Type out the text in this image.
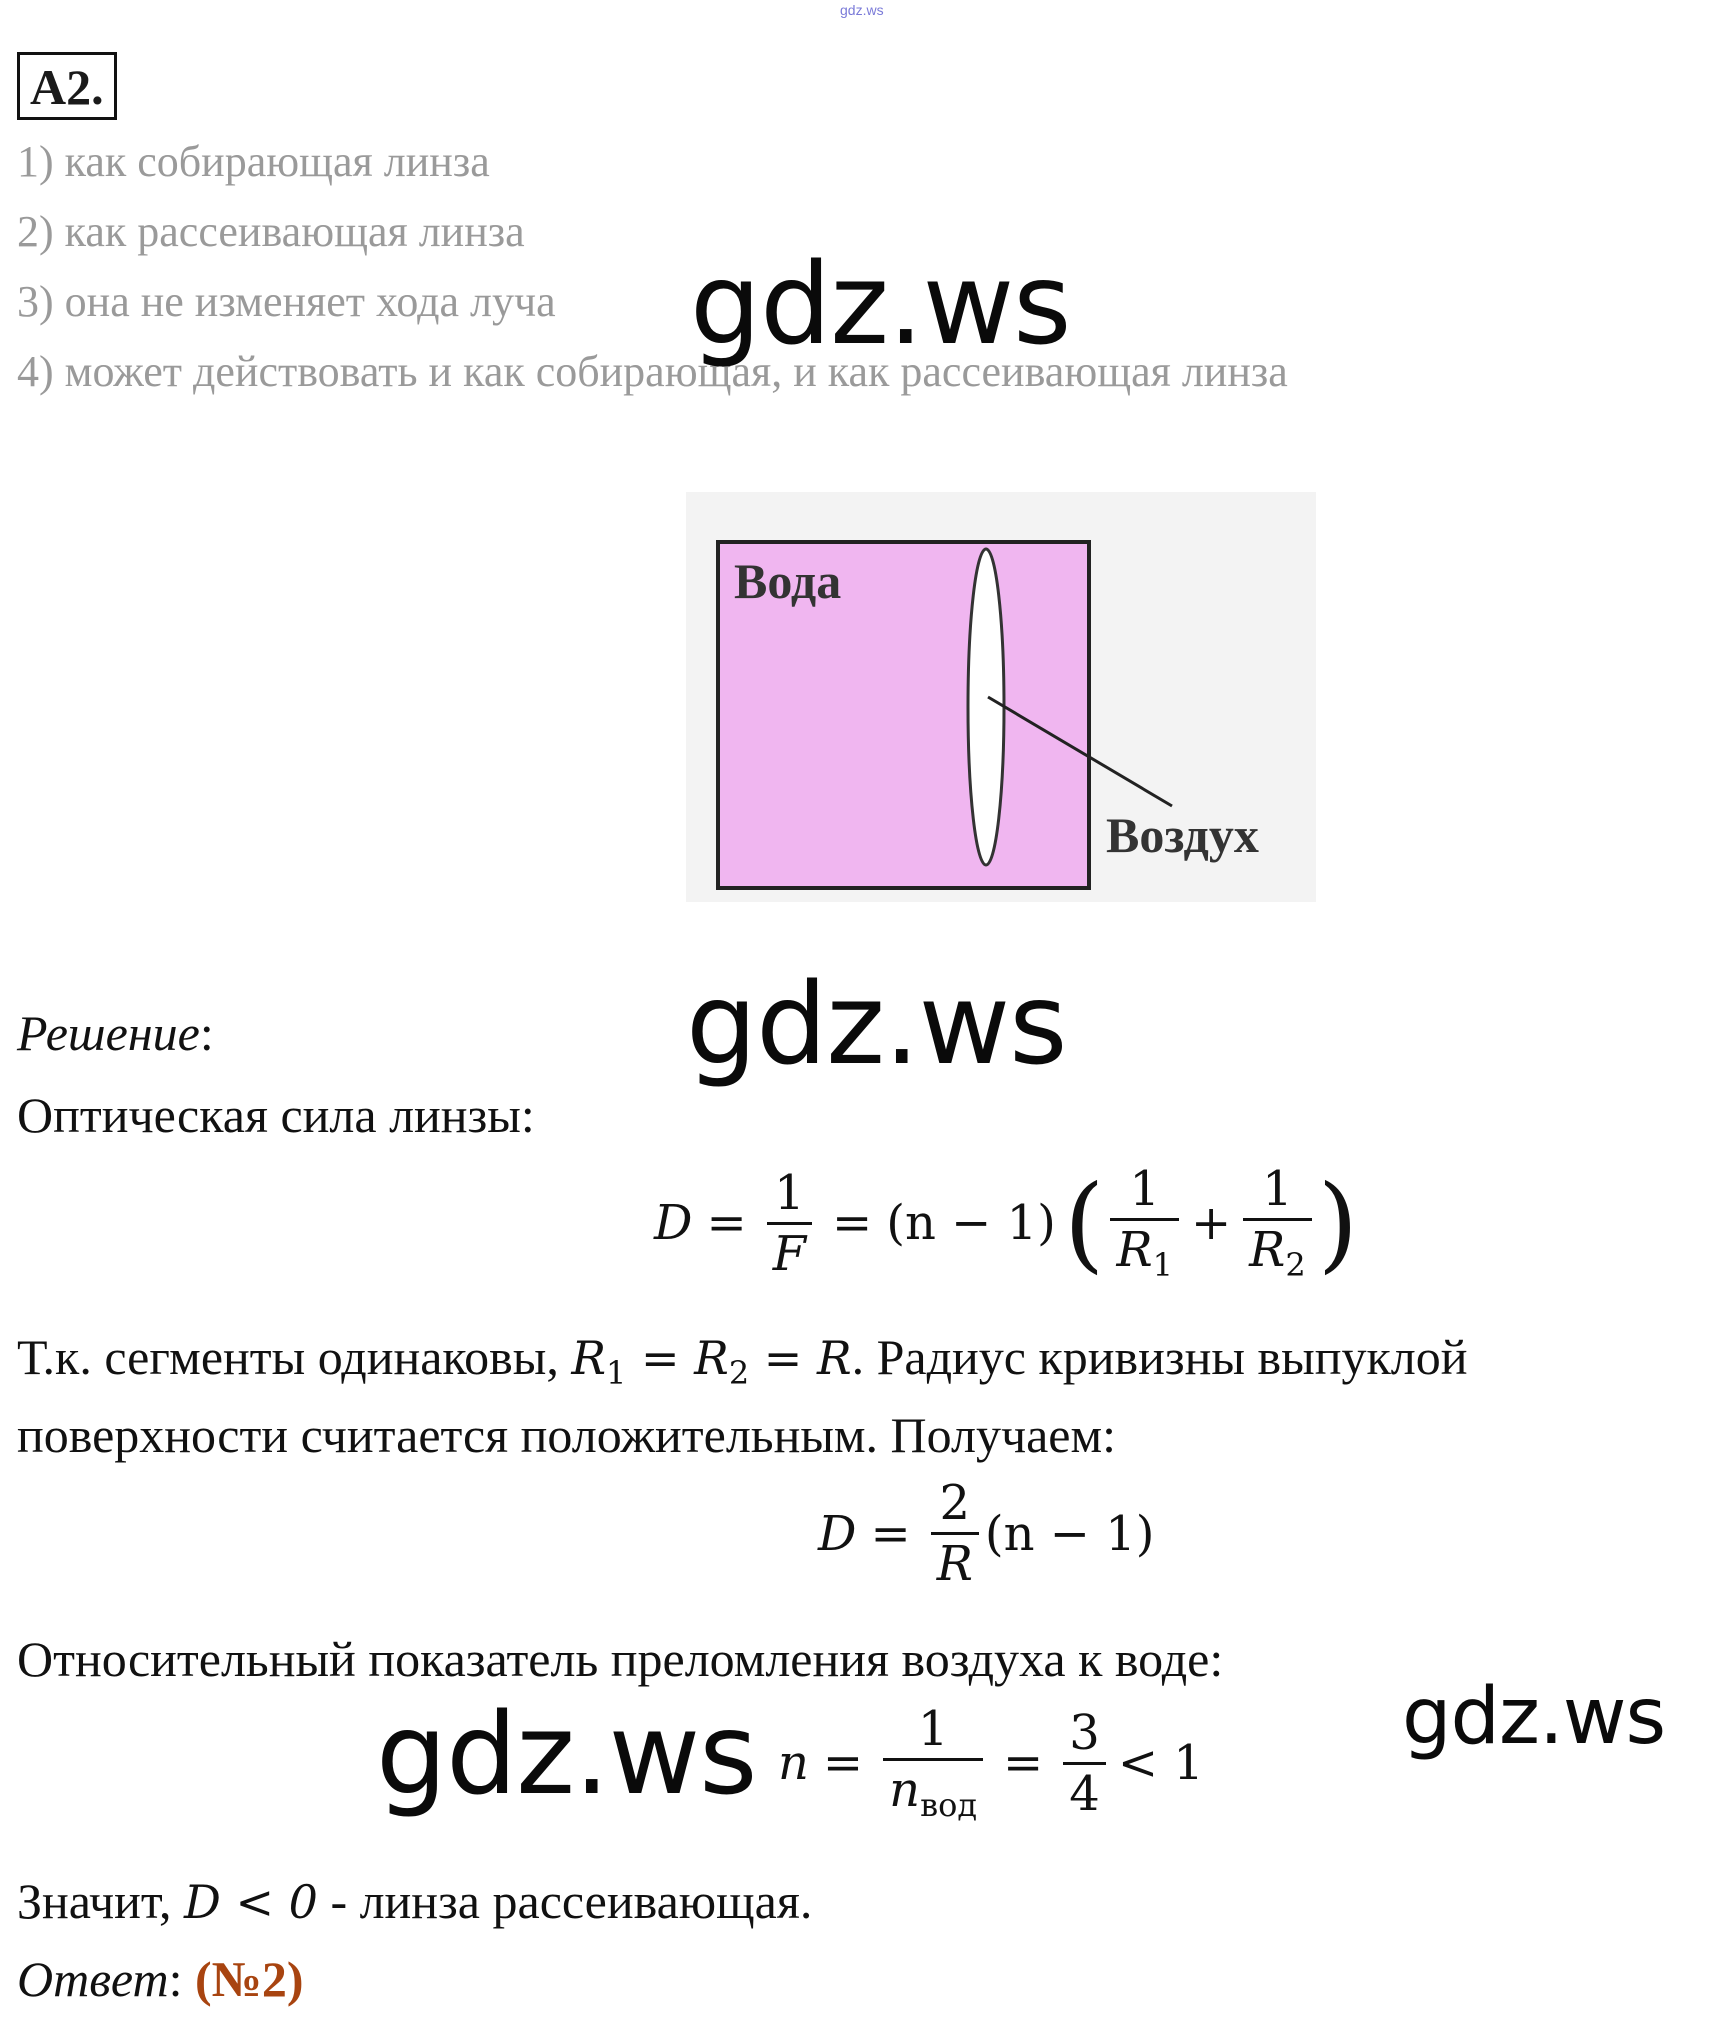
gdz.ws
А2.
1) как собирающая линза
2) как рассеивающая линза
3) она не изменяет хода луча
4) может действовать и как собирающая, и как рассеивающая линза
Вода
Воздух
gdz.ws
gdz.ws
gdz.ws	gdz.ws
Решение:
Оптическая сила линзы:
$D = \frac{1}{F} = (n - 1)$ ( $\frac{1}{R_1} + \frac{1}{R_2}$ )
Т.к. сегменты одинаковы, $R_1 = R_2 = R$. Радиус кривизны выпуклой
поверхности считается положительным. Получаем:
$D = \frac{2}{R} (n - 1)$
Относительный показатель преломления воздуха к воде:
$n = \frac{1}{n_{вод}} = \frac{3}{4} < 1$
Значит, D < 0 - линза рассеивающая.
Ответ: (№2)
